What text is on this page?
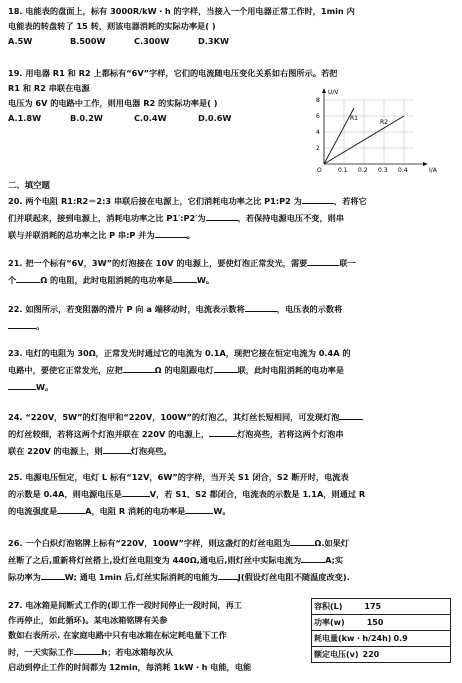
18. 电能表的盘面上，标有 3000R/kW・h 的字样，当接入一个用电器正常工作时，1min 内

电能表的转盘转了 15 转，则该电器消耗的实际功率是( )

A.5W	B.500W	C.300W	D.3KW

19. 用电器 R1 和 R2 上都标有“6V”字样，它们的电流随电压变化关系如右图所示。若把

R1 和 R2 串联在电源

电压为 6V 的电路中工作，则用电器 R2 的实际功率是( )

A.1.8W	B.0.2W	C.0.4W	D.0.6W
U/V
I/A
O
8
6
4
2
0.1 0.2 0.3 0.4
R1
R2
二、填空题

20. 两个电阻 R1:R2＝2:3 串联后接在电源上，它们消耗电功率之比 P1:P2 为	，若将它

们并联起来，接到电源上，消耗电功率之比 P1′:P2′为	，若保持电源电压不变，则串

联与并联消耗的总功率之比 P 串:P 并为	。

21. 把一个标有“6V，3W”的灯泡接在 10V 的电源上，要使灯泡正常发光，需要	联一

个	Ω 的电阻，此时电阻消耗的电功率是	W。

22. 如图所示，若变阻器的滑片 P 向 a 端移动时，电流表示数将	，电压表的示数将

。

23. 电灯的电阻为 30Ω，正常发光时通过它的电流为 0.1A，现把它接在恒定电流为 0.4A 的

电路中，要使它正常发光，应把	Ω 的电阻跟电灯	联，此时电阻消耗的电功率是

W。

24. “220V，5W”的灯泡甲和“220V，100W”的灯泡乙，其灯丝长短相同，可发现灯泡

的灯丝较细，若将这两个灯泡并联在 220V 的电源上，	灯泡亮些，若将这两个灯泡串

联在 220V 的电源上，则	灯泡亮些。

25. 电源电压恒定，电灯 L 标有“12V，6W”的字样，当开关 S1 闭合，S2 断开时，电流表

的示数是 0.4A，则电源电压是	V，若 S1、S2 都闭合，电流表的示数是 1.1A，则通过 R

的电流强度是	A，电阻 R 消耗的电功率是	W。

26. 一个白炽灯泡铭牌上标有“220V，100W”字样，则这盏灯的灯丝电阻为	Ω.如果灯

丝断了之后,重新将灯丝搭上,设灯丝电阻变为 440Ω,通电后,则灯丝中实际电流为	A;实

际功率为	W; 通电 1min 后,灯丝实际消耗的电能为 J(假设灯丝电阻不随温度改变).

27. 电冰箱是间断式工作的(即工作一段时间停止一段时间，再工

作再停止，如此循环)。某电冰箱铭牌有关参

数如右表所示. 在家庭电路中只有电冰箱在标定耗电量下工作

时，一天实际工作	h；若电冰箱每次从

启动到停止工作的时间都为 12min，每消耗 1kW・h 电能，电能

容积(L)	175
功率(w)	150
耗电量(kw・h/24h) 0.9
额定电压(v) 220
